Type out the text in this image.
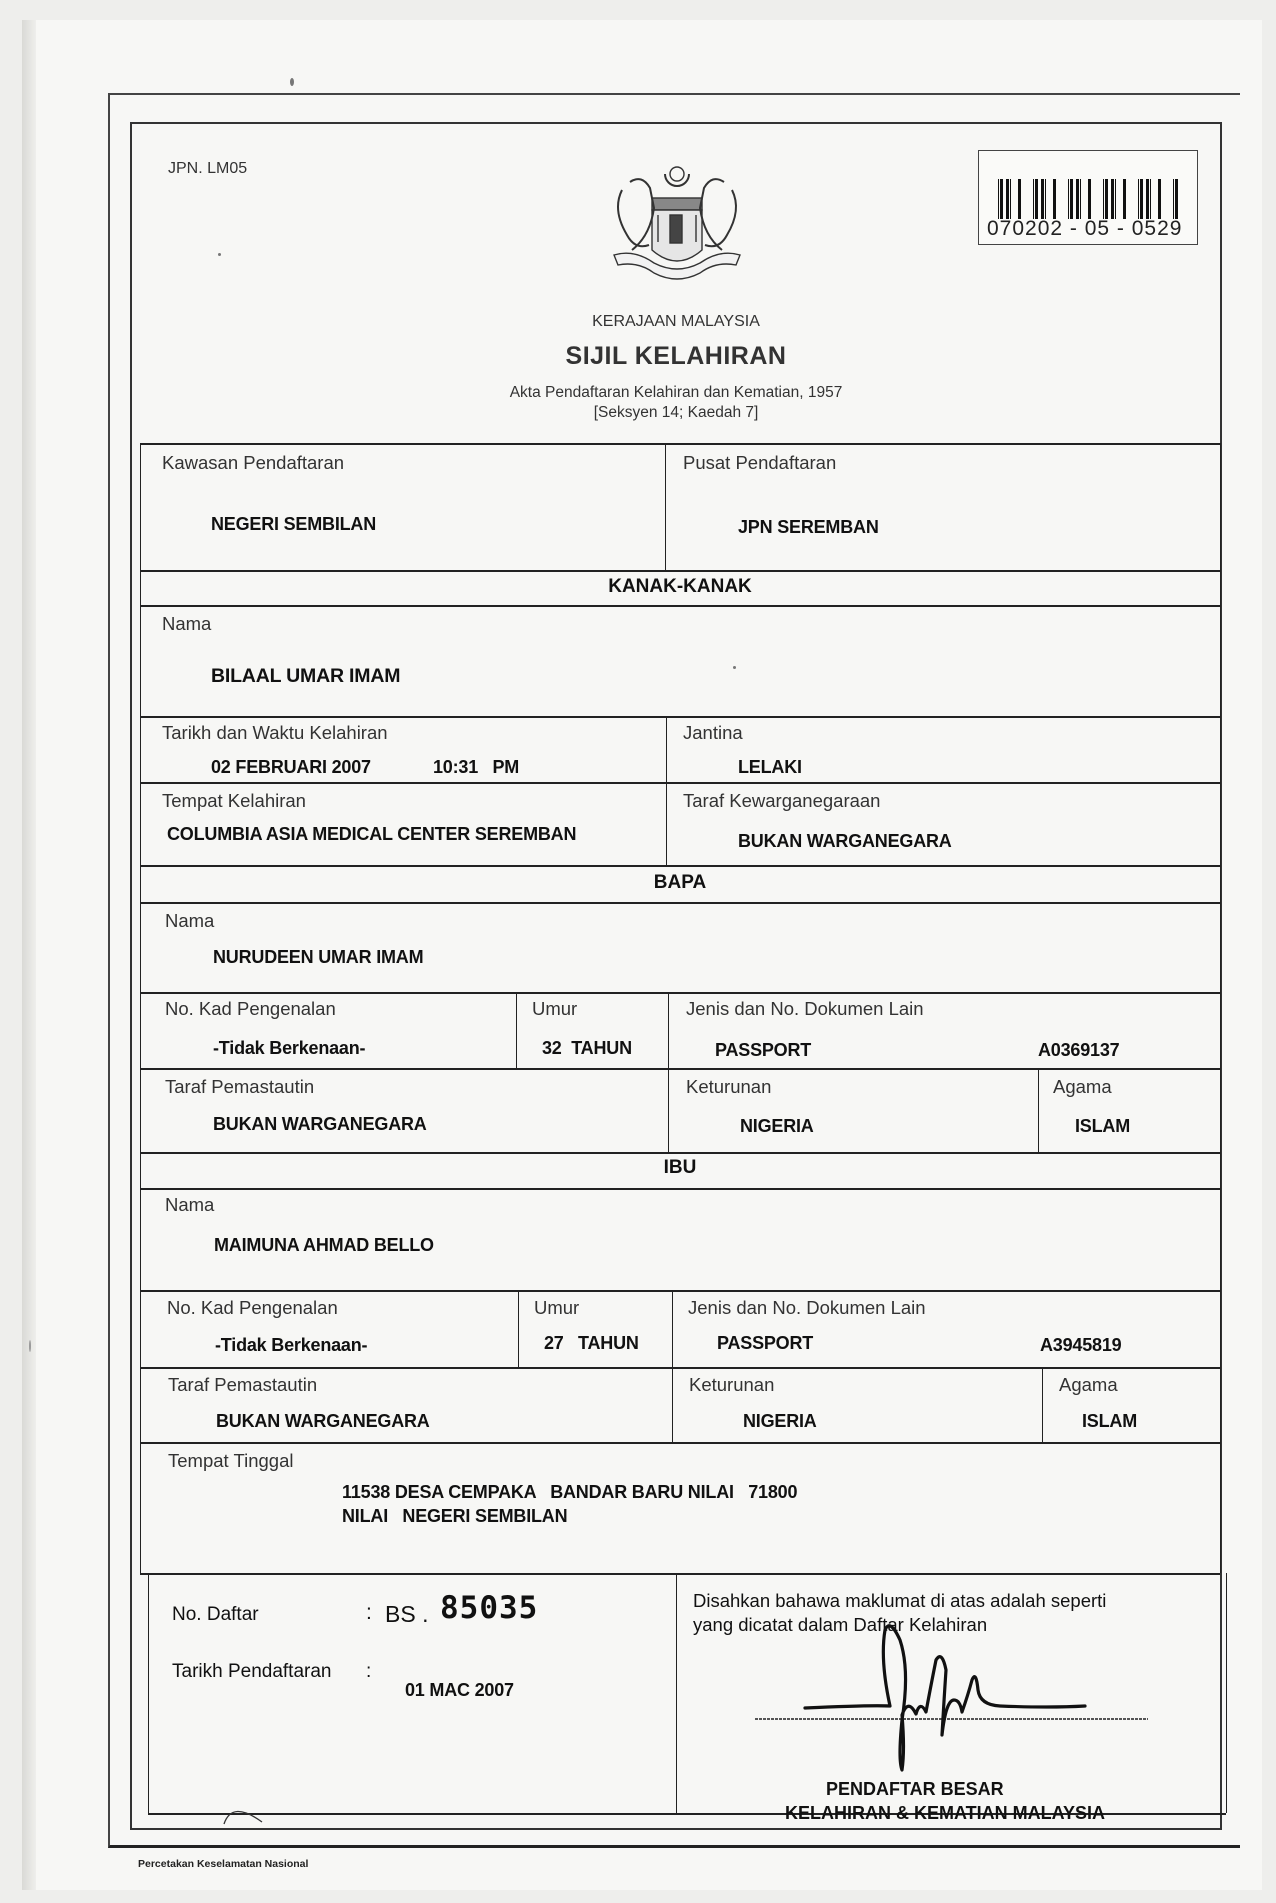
JPN. LM05
070202 - 05 - 0529
KERAJAAN MALAYSIA
SIJIL KELAHIRAN
Akta Pendaftaran Kelahiran dan Kematian, 1957
[Seksyen 14; Kaedah 7]
Kawasan Pendaftaran
NEGERI SEMBILAN
Pusat Pendaftaran
JPN SEREMBAN
KANAK-KANAK
Nama
BILAAL UMAR IMAM
Tarikh dan Waktu Kelahiran
02 FEBRUARI 2007	10:31   PM
Jantina
LELAKI
Tempat Kelahiran
COLUMBIA ASIA MEDICAL CENTER SEREMBAN
Taraf Kewarganegaraan
BUKAN WARGANEGARA
BAPA
Nama
NURUDEEN UMAR IMAM
No. Kad Pengenalan
-Tidak Berkenaan-
Umur
32  TAHUN
Jenis dan No. Dokumen Lain
PASSPORT	A0369137
Taraf Pemastautin
BUKAN WARGANEGARA
Keturunan
NIGERIA
Agama
ISLAM
IBU
Nama
MAIMUNA AHMAD BELLO
No. Kad Pengenalan
-Tidak Berkenaan-
Umur
27   TAHUN
Jenis dan No. Dokumen Lain
PASSPORT	A3945819
Taraf Pemastautin
BUKAN WARGANEGARA
Keturunan
NIGERIA
Agama
ISLAM
Tempat Tinggal
11538 DESA CEMPAKA   BANDAR BARU NILAI   71800
NILAI   NEGERI SEMBILAN
No. Daftar	: BS . 85035
Tarikh Pendaftaran :
01 MAC 2007
Disahkan bahawa maklumat di atas adalah seperti
yang dicatat dalam Daftar Kelahiran
PENDAFTAR BESAR
KELAHIRAN & KEMATIAN MALAYSIA
Percetakan Keselamatan Nasional
